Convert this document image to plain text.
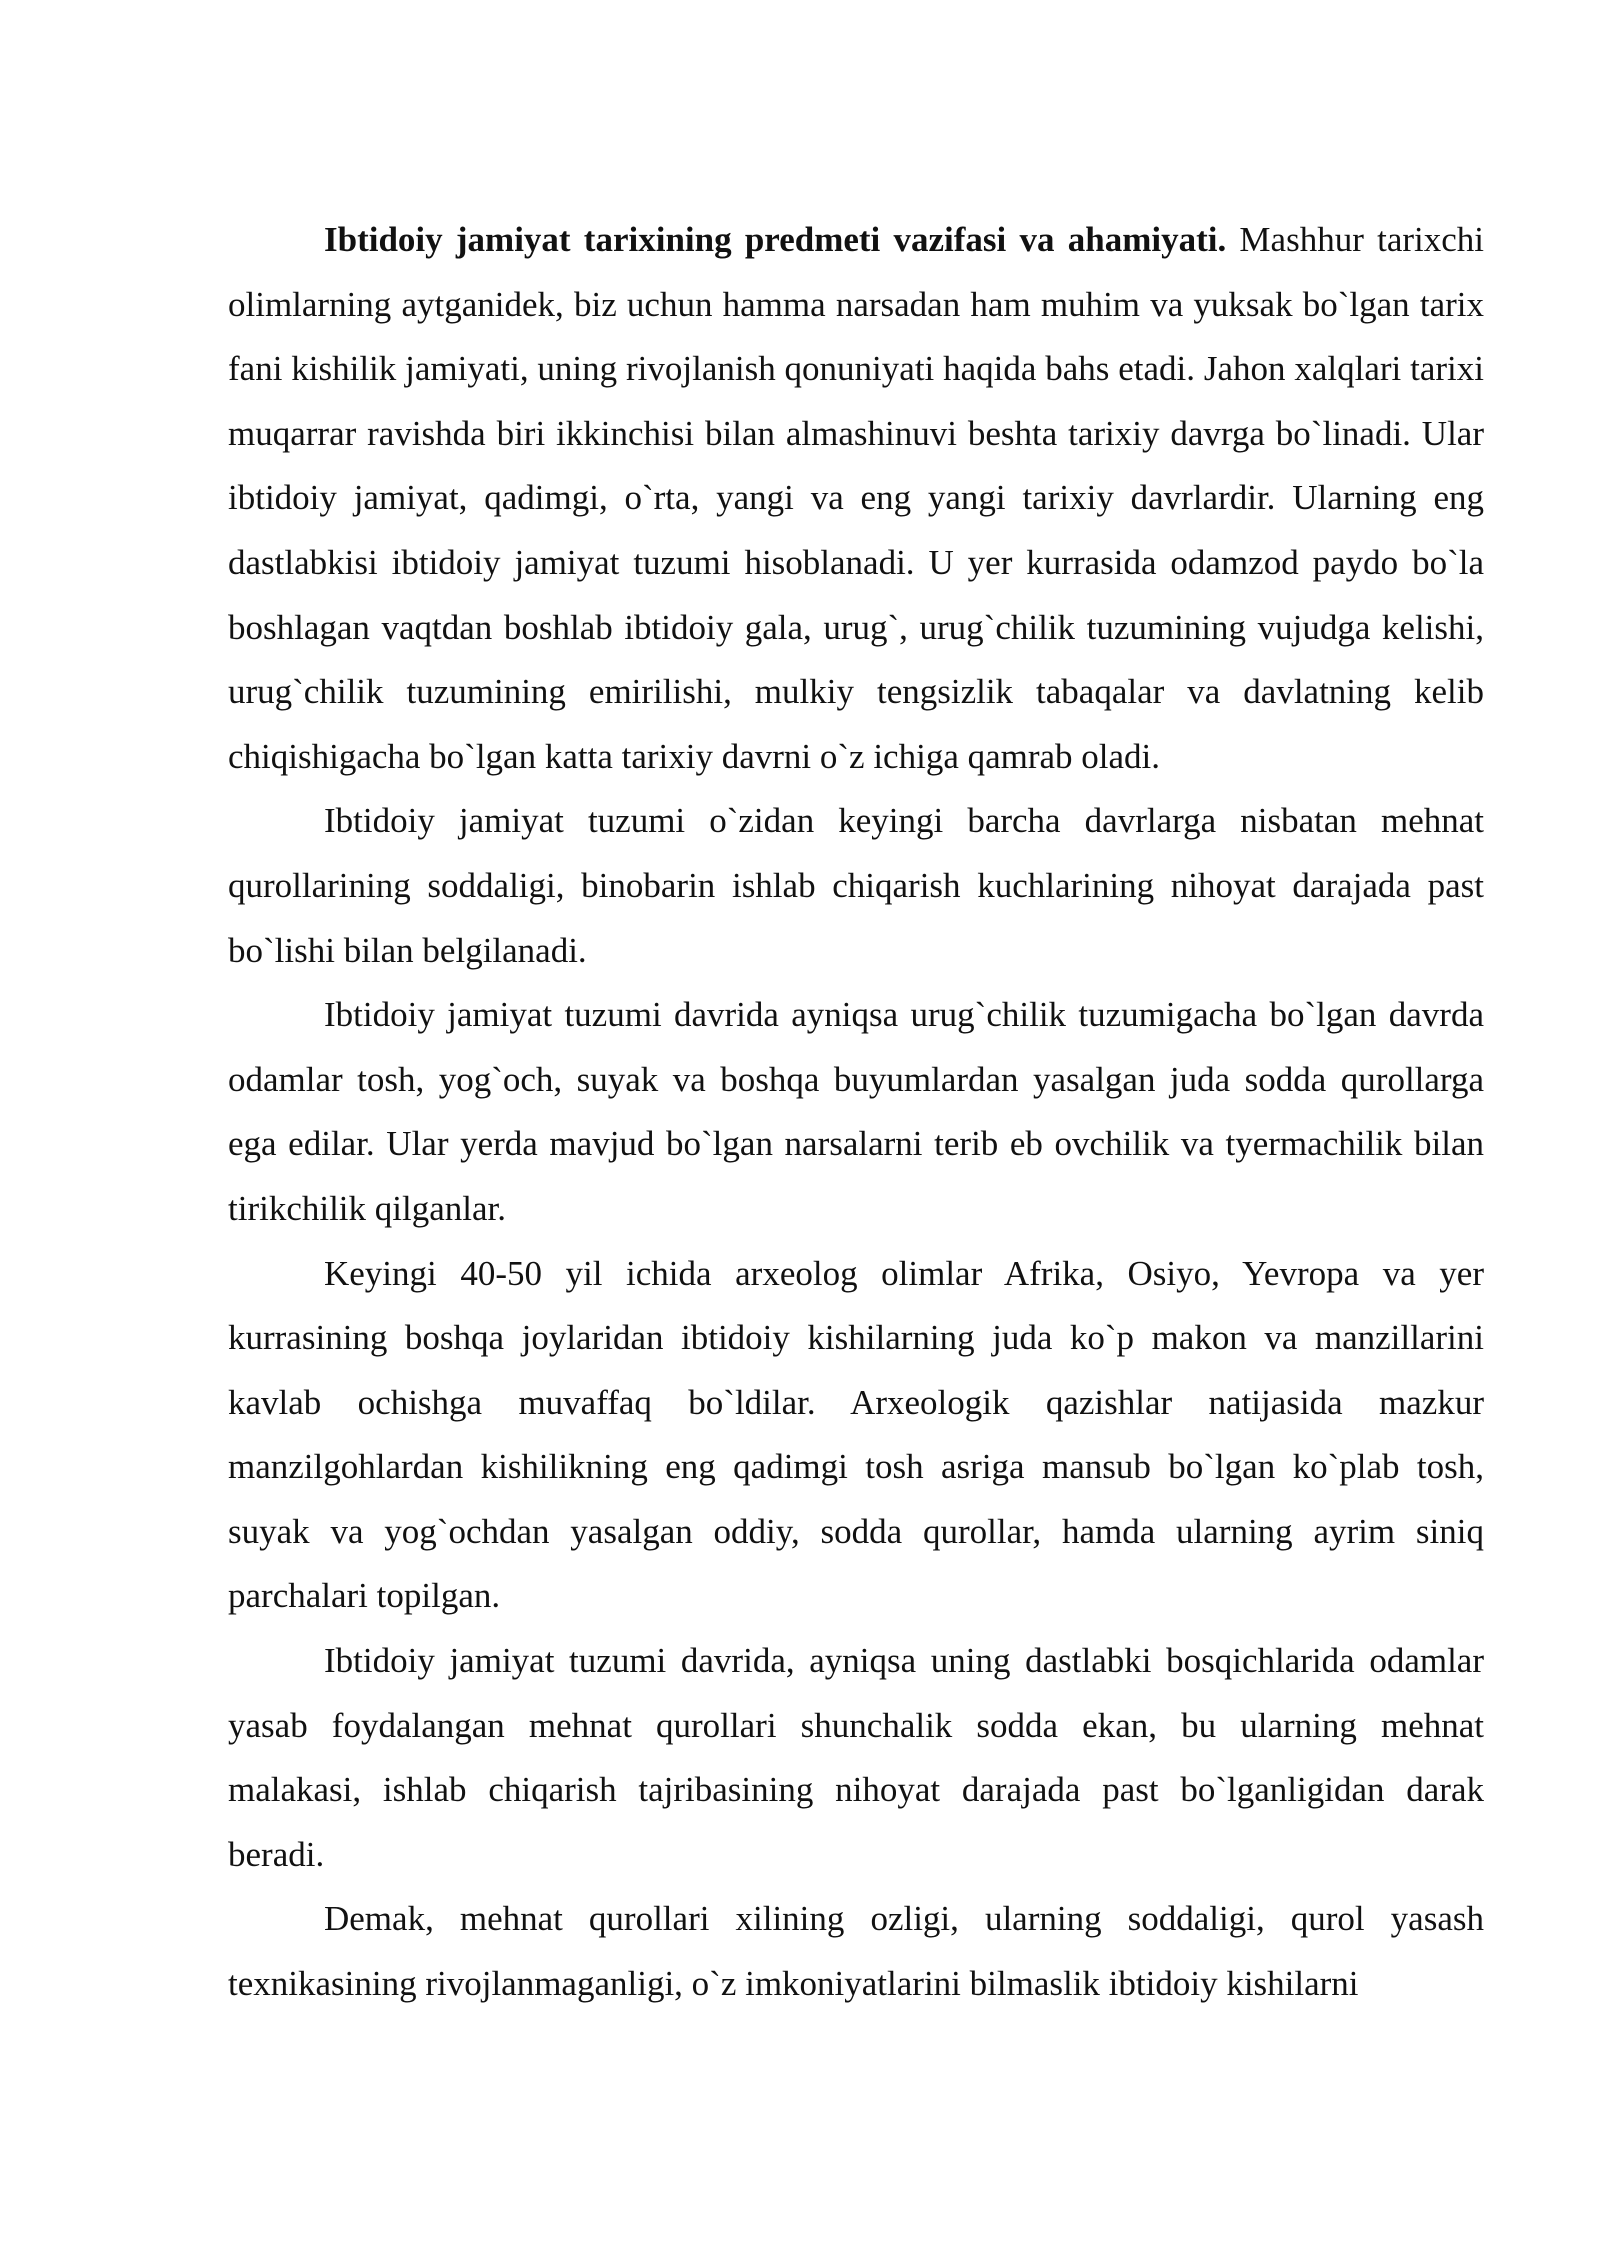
Ibtidoiy jamiyat tarixining predmeti vazifasi va ahamiyati. Mashhur tarixchi olimlarning aytganidek, biz uchun hamma narsadan ham muhim va yuksak bo`lgan tarix fani kishilik jamiyati, uning rivojlanish qonuniyati haqida bahs etadi. Jahon xalqlari tarixi muqarrar ravishda biri ikkinchisi bilan almashinuvi beshta tarixiy davrga bo`linadi. Ular ibtidoiy jamiyat, qadimgi, o`rta, yangi va eng yangi tarixiy davrlardir. Ularning eng dastlabkisi ibtidoiy jamiyat tuzumi hisoblanadi. U yer kurrasida odamzod paydo bo`la boshlagan vaqtdan boshlab ibtidoiy gala, urug`, urug`chilik tuzumining vujudga kelishi, urug`chilik tuzumining emirilishi, mulkiy tengsizlik tabaqalar va davlatning kelib chiqishigacha bo`lgan katta tarixiy davrni o`z ichiga qamrab oladi.

Ibtidoiy jamiyat tuzumi o`zidan keyingi barcha davrlarga nisbatan mehnat qurollarining soddaligi, binobarin ishlab chiqarish kuchlarining nihoyat darajada past bo`lishi bilan belgilanadi.

Ibtidoiy jamiyat tuzumi davrida ayniqsa urug`chilik tuzumigacha bo`lgan davrda odamlar tosh, yog`och, suyak va boshqa buyumlardan yasalgan juda sodda qurollarga ega edilar. Ular yerda mavjud bo`lgan narsalarni terib eb ovchilik va tyermachilik bilan tirikchilik qilganlar.

Keyingi 40-50 yil ichida arxeolog olimlar Afrika, Osiyo, Yevropa va yer kurrasining boshqa joylaridan ibtidoiy kishilarning juda ko`p makon va manzillarini kavlab ochishga muvaffaq bo`ldilar. Arxeologik qazishlar natijasida mazkur manzilgohlardan kishilikning eng qadimgi tosh asriga mansub bo`lgan ko`plab tosh, suyak va yog`ochdan yasalgan oddiy, sodda qurollar, hamda ularning ayrim siniq parchalari topilgan.

Ibtidoiy jamiyat tuzumi davrida, ayniqsa uning dastlabki bosqichlarida odamlar yasab foydalangan mehnat qurollari shunchalik sodda ekan, bu ularning mehnat malakasi, ishlab chiqarish tajribasining nihoyat darajada past bo`lganligidan darak beradi.

Demak, mehnat qurollari xilining ozligi, ularning soddaligi, qurol yasash texnikasining rivojlanmaganligi, o`z imkoniyatlarini bilmaslik ibtidoiy kishilarni
